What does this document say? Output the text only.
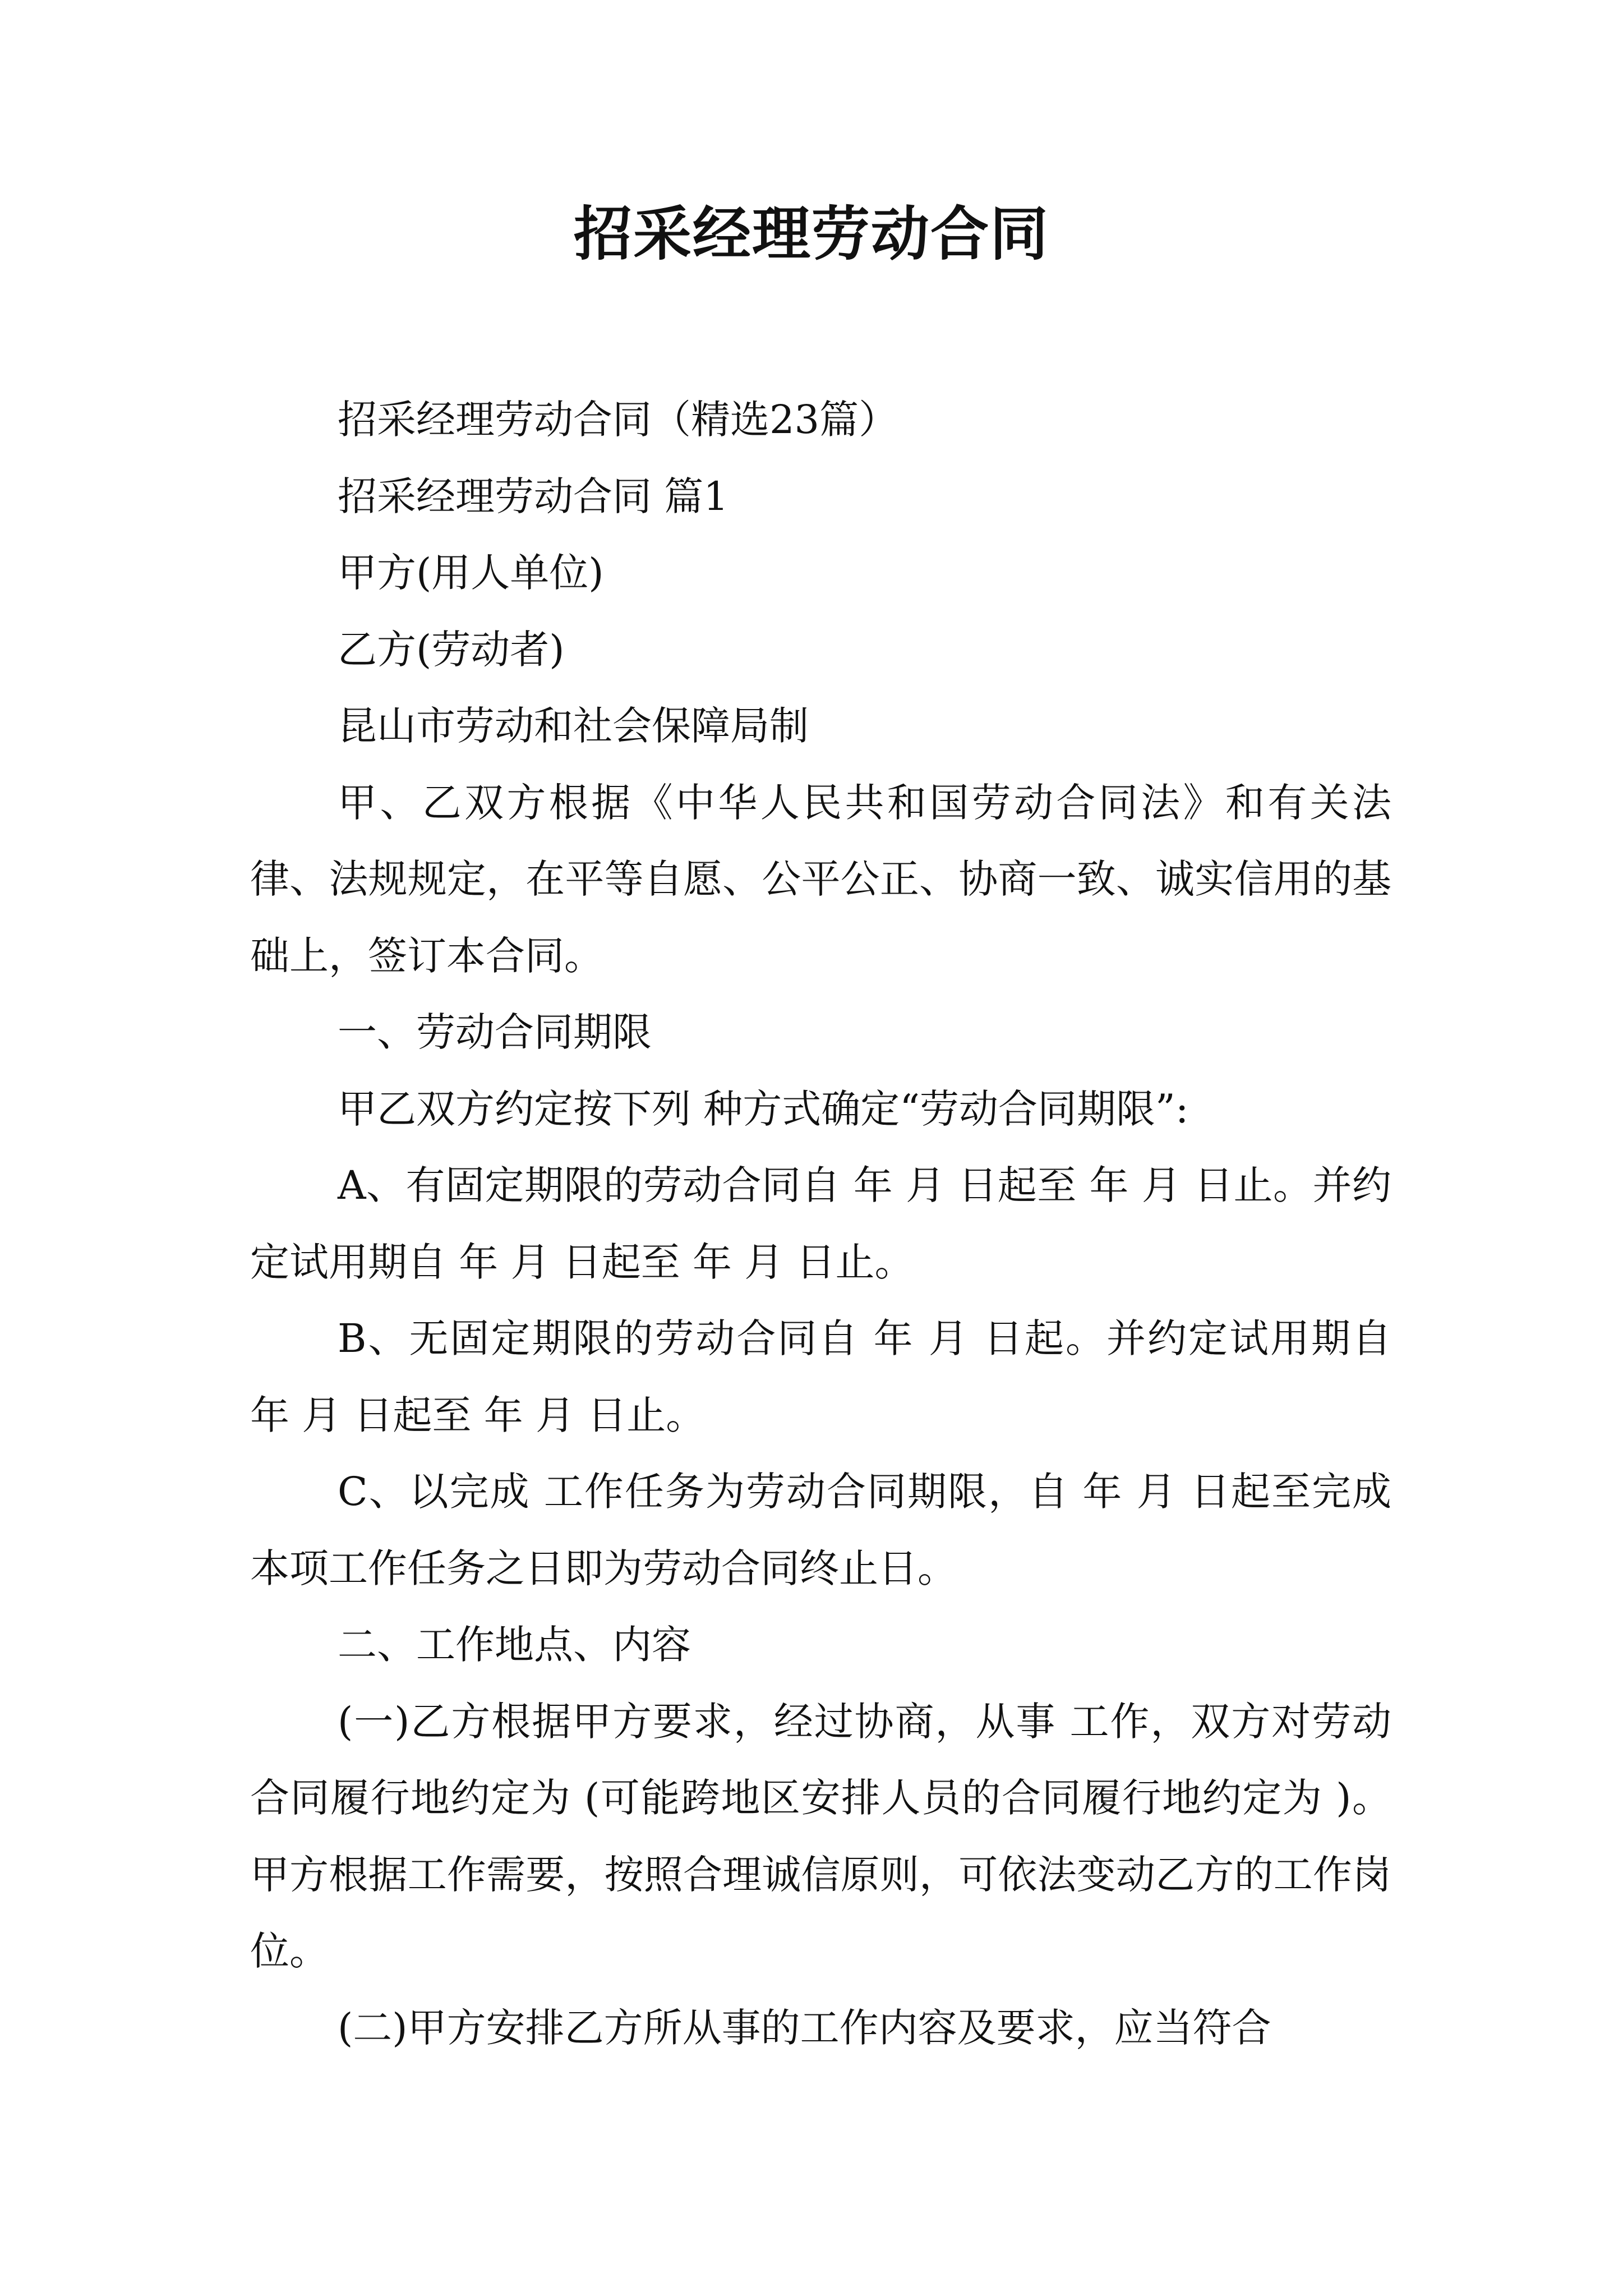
招采经理劳动合同

招采经理劳动合同（精选23篇）

招采经理劳动合同 篇1

甲方(用人单位)

乙方(劳动者)

昆山市劳动和社会保障局制

甲、乙双方根据《中华人民共和国劳动合同法》和有关法律、法规规定，在平等自愿、公平公正、协商一致、诚实信用的基础上，签订本合同。

一、劳动合同期限

甲乙双方约定按下列 种方式确定“劳动合同期限”:

A、有固定期限的劳动合同自 年 月 日起至 年 月 日止。并约定试用期自 年 月 日起至 年 月 日止。

B、无固定期限的劳动合同自 年 月 日起。并约定试用期自 年 月 日起至 年 月 日止。

C、以完成 工作任务为劳动合同期限，自 年 月 日起至完成本项工作任务之日即为劳动合同终止日。

二、工作地点、内容

(一)乙方根据甲方要求，经过协商，从事 工作，双方对劳动合同履行地约定为 (可能跨地区安排人员的合同履行地约定为 )。甲方根据工作需要，按照合理诚信原则，可依法变动乙方的工作岗位。

(二)甲方安排乙方所从事的工作内容及要求，应当符合
